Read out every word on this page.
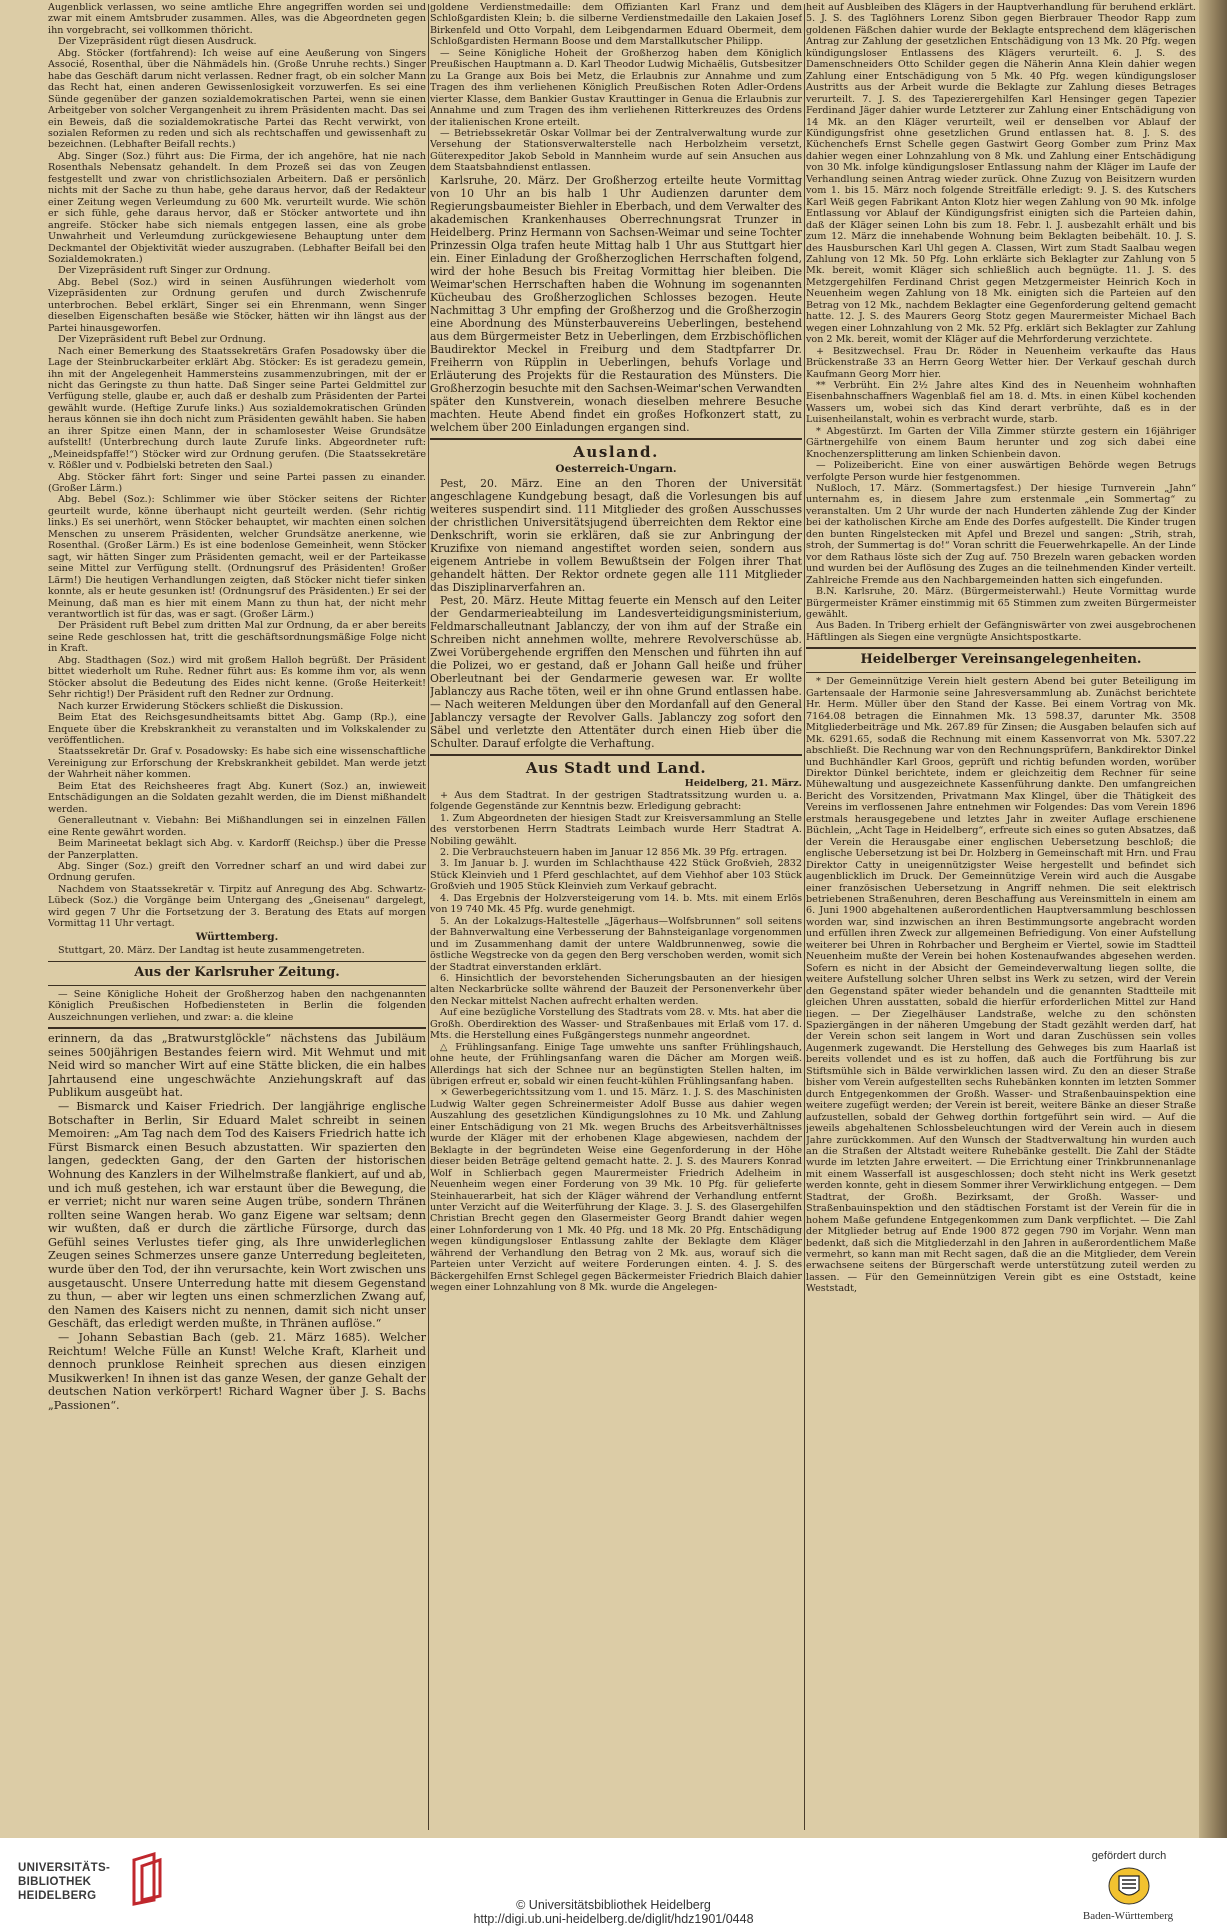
Augenblick verlassen, wo seine amtliche Ehre angegriffen worden sei und zwar mit einem Amtsbruder zusammen. Alles, was die Abgeordneten gegen ihn vorgebracht, sei vollkommen thöricht.

Der Vizepräsident rügt diesen Ausdruck.

Abg. Stöcker (fortfahrend): Ich weise auf eine Aeußerung von Singers Associé, Rosenthal, über die Nähmädels hin. (Große Unruhe rechts.) Singer habe das Geschäft darum nicht verlassen. Redner fragt, ob ein solcher Mann das Recht hat, einen anderen Gewissenlosigkeit vorzuwerfen. Es sei eine Sünde gegenüber der ganzen sozialdemokratischen Partei, wenn sie einen Arbeitgeber von solcher Vergangenheit zu ihrem Präsidenten macht. Das sei ein Beweis, daß die sozialdemokratische Partei das Recht verwirkt, von sozialen Reformen zu reden und sich als rechtschaffen und gewissenhaft zu bezeichnen. (Lebhafter Beifall rechts.)

Abg. Singer (Soz.) führt aus: Die Firma, der ich angehöre, hat nie nach Rosenthals Nebensatz gehandelt. In dem Prozeß sei das von Zeugen festgestellt und zwar von christlichsozialen Arbeitern. Daß er persönlich nichts mit der Sache zu thun habe, gehe daraus hervor, daß der Redakteur einer Zeitung wegen Verleumdung zu 600 Mk. verurteilt wurde. Wie schön er sich fühle, gehe daraus hervor, daß er Stöcker antwortete und ihn angreife. Stöcker habe sich niemals entgegen lassen, eine als grobe Unwahrheit und Verleumdung zurückgewiesene Behauptung unter dem Deckmantel der Objektivität wieder auszugraben. (Lebhafter Beifall bei den Sozialdemokraten.)

Der Vizepräsident ruft Singer zur Ordnung.

Abg. Bebel (Soz.) wird in seinen Ausführungen wiederholt vom Vizepräsidenten zur Ordnung gerufen und durch Zwischenrufe unterbrochen. Bebel erklärt, Singer sei ein Ehrenmann, wenn Singer dieselben Eigenschaften besäße wie Stöcker, hätten wir ihn längst aus der Partei hinausgeworfen.

Der Vizepräsident ruft Bebel zur Ordnung.

Nach einer Bemerkung des Staatssekretärs Grafen Posadowsky über die Lage der Steinbruckarbeiter erklärt Abg. Stöcker: Es ist geradezu gemein, ihn mit der Angelegenheit Hammersteins zusammenzubringen, mit der er nicht das Geringste zu thun hatte. Daß Singer seine Partei Geldmittel zur Verfügung stelle, glaube er, auch daß er deshalb zum Präsidenten der Partei gewählt wurde. (Heftige Zurufe links.) Aus sozialdemokratischen Gründen heraus können sie ihn doch nicht zum Präsidenten gewählt haben. Sie haben an ihrer Spitze einen Mann, der in schamlosester Weise Grundsätze aufstellt! (Unterbrechung durch laute Zurufe links. Abgeordneter ruft: „Meineidspfaffe!“) Stöcker wird zur Ordnung gerufen. (Die Staatssekretäre v. Rößler und v. Podbielski betreten den Saal.)

Abg. Stöcker fährt fort: Singer und seine Partei passen zu einander. (Großer Lärm.)

Abg. Bebel (Soz.): Schlimmer wie über Stöcker seitens der Richter geurteilt wurde, könne überhaupt nicht geurteilt werden. (Sehr richtig links.) Es sei unerhört, wenn Stöcker behauptet, wir machten einen solchen Menschen zu unserem Präsidenten, welcher Grundsätze anerkenne, wie Rosenthal. (Großer Lärm.) Es ist eine bodenlose Gemeinheit, wenn Stöcker sagt, wir hätten Singer zum Präsidenten gemacht, weil er der Parteikasse seine Mittel zur Verfügung stellt. (Ordnungsruf des Präsidenten! Großer Lärm!) Die heutigen Verhandlungen zeigten, daß Stöcker nicht tiefer sinken konnte, als er heute gesunken ist! (Ordnungsruf des Präsidenten.) Er sei der Meinung, daß man es hier mit einem Mann zu thun hat, der nicht mehr verantwortlich ist für das, was er sagt. (Großer Lärm.)

Der Präsident ruft Bebel zum dritten Mal zur Ordnung, da er aber bereits seine Rede geschlossen hat, tritt die geschäftsordnungsmäßige Folge nicht in Kraft.

Abg. Stadthagen (Soz.) wird mit großem Halloh begrüßt. Der Präsident bittet wiederholt um Ruhe. Redner führt aus: Es komme ihm vor, als wenn Stöcker absolut die Bedeutung des Eides nicht kenne. (Große Heiterkeit! Sehr richtig!) Der Präsident ruft den Redner zur Ordnung.

Nach kurzer Erwiderung Stöckers schließt die Diskussion.

Beim Etat des Reichsgesundheitsamts bittet Abg. Gamp (Rp.), eine Enquete über die Krebskrankheit zu veranstalten und im Volkskalender zu veröffentlichen.

Staatssekretär Dr. Graf v. Posadowsky: Es habe sich eine wissenschaftliche Vereinigung zur Erforschung der Krebskrankheit gebildet. Man werde jetzt der Wahrheit näher kommen.

Beim Etat des Reichsheeres fragt Abg. Kunert (Soz.) an, inwieweit Entschädigungen an die Soldaten gezahlt werden, die im Dienst mißhandelt werden.

Generalleutnant v. Viebahn: Bei Mißhandlungen sei in einzelnen Fällen eine Rente gewährt worden.

Beim Marineetat beklagt sich Abg. v. Kardorff (Reichsp.) über die Presse der Panzerplatten.

Abg. Singer (Soz.) greift den Vorredner scharf an und wird dabei zur Ordnung gerufen.

Nachdem von Staatssekretär v. Tirpitz auf Anregung des Abg. Schwartz-Lübeck (Soz.) die Vorgänge beim Untergang des „Gneisenau“ dargelegt, wird gegen 7 Uhr die Fortsetzung der 3. Beratung des Etats auf morgen Vormittag 11 Uhr vertagt.

Württemberg.

Stuttgart, 20. März. Der Landtag ist heute zusammengetreten.

Aus der Karlsruher Zeitung.

— Seine Königliche Hoheit der Großherzog haben den nachgenannten Königlich Preußischen Hofbediensteten in Berlin die folgenden Auszeichnungen verliehen, und zwar: a. die kleine

erinnern, da das „Bratwurstglöckle“ nächstens das Jubiläum seines 500jährigen Bestandes feiern wird. Mit Wehmut und mit Neid wird so mancher Wirt auf eine Stätte blicken, die ein halbes Jahrtausend eine ungeschwächte Anziehungskraft auf das Publikum ausgeübt hat.

— Bismarck und Kaiser Friedrich. Der langjährige englische Botschafter in Berlin, Sir Eduard Malet schreibt in seinen Memoiren: „Am Tag nach dem Tod des Kaisers Friedrich hatte ich Fürst Bismarck einen Besuch abzustatten. Wir spazierten den langen, gedeckten Gang, der den Garten der historischen Wohnung des Kanzlers in der Wilhelmstraße flankiert, auf und ab, und ich muß gestehen, ich war erstaunt über die Bewegung, die er verriet; nicht nur waren seine Augen trübe, sondern Thränen rollten seine Wangen herab. Wo ganz Eigene war seltsam; denn wir wußten, daß er durch die zärtliche Fürsorge, durch das Gefühl seines Verlustes tiefer ging, als Ihre unwiderleglichen Zeugen seines Schmerzes unsere ganze Unterredung begleiteten, wurde über den Tod, der ihn verursachte, kein Wort zwischen uns ausgetauscht. Unsere Unterredung hatte mit diesem Gegenstand zu thun, — aber wir legten uns einen schmerzlichen Zwang auf, den Namen des Kaisers nicht zu nennen, damit sich nicht unser Geschäft, das erledigt werden mußte, in Thränen auflöse.“

— Johann Sebastian Bach (geb. 21. März 1685). Welcher Reichtum! Welche Fülle an Kunst! Welche Kraft, Klarheit und dennoch prunklose Reinheit sprechen aus diesen einzigen Musikwerken! In ihnen ist das ganze Wesen, der ganze Gehalt der deutschen Nation verkörpert! Richard Wagner über J. S. Bachs „Passionen“.

goldene Verdienstmedaille: dem Offizianten Karl Franz und dem Schloßgardisten Klein; b. die silberne Verdienstmedaille den Lakaien Josef Birkenfeld und Otto Vorpahl, dem Leibgendarmen Eduard Obermeit, dem Schloßgardisten Hermann Boose und dem Marstallkutscher Philipp.

— Seine Königliche Hoheit der Großherzog haben dem Königlich Preußischen Hauptmann a. D. Karl Theodor Ludwig Michaëlis, Gutsbesitzer zu La Grange aux Bois bei Metz, die Erlaubnis zur Annahme und zum Tragen des ihm verliehenen Königlich Preußischen Roten Adler-Ordens vierter Klasse, dem Bankier Gustav Krauttinger in Genua die Erlaubnis zur Annahme und zum Tragen des ihm verliehenen Ritterkreuzes des Ordens der italienischen Krone erteilt.

— Betriebssekretär Oskar Vollmar bei der Zentralverwaltung wurde zur Versehung der Stationsverwalterstelle nach Herbolzheim versetzt, Güterexpeditor Jakob Sebold in Mannheim wurde auf sein Ansuchen aus dem Staatsbahndienst entlassen.

Karlsruhe, 20. März. Der Großherzog erteilte heute Vormittag von 10 Uhr an bis halb 1 Uhr Audienzen darunter dem Regierungsbaumeister Biehler in Eberbach, und dem Verwalter des akademischen Krankenhauses Oberrechnungsrat Trunzer in Heidelberg. Prinz Hermann von Sachsen-Weimar und seine Tochter Prinzessin Olga trafen heute Mittag halb 1 Uhr aus Stuttgart hier ein. Einer Einladung der Großherzoglichen Herrschaften folgend, wird der hohe Besuch bis Freitag Vormittag hier bleiben. Die Weimar'schen Herrschaften haben die Wohnung im sogenannten Kücheubau des Großherzoglichen Schlosses bezogen. Heute Nachmittag 3 Uhr empfing der Großherzog und die Großherzogin eine Abordnung des Münsterbauvereins Ueberlingen, bestehend aus dem Bürgermeister Betz in Ueberlingen, dem Erzbischöflichen Baudirektor Meckel in Freiburg und dem Stadtpfarrer Dr. Freiherrn von Rüpplin in Ueberlingen, behufs Vorlage und Erläuterung des Projekts für die Restauration des Münsters. Die Großherzogin besuchte mit den Sachsen-Weimar'schen Verwandten später den Kunstverein, wonach dieselben mehrere Besuche machten. Heute Abend findet ein großes Hofkonzert statt, zu welchem über 200 Einladungen ergangen sind.

Ausland.
Oesterreich-Ungarn.

Pest, 20. März. Eine an den Thoren der Universität angeschlagene Kundgebung besagt, daß die Vorlesungen bis auf weiteres suspendirt sind. 111 Mitglieder des großen Ausschusses der christlichen Universitätsjugend überreichten dem Rektor eine Denkschrift, worin sie erklären, daß sie zur Anbringung der Kruzifixe von niemand angestiftet worden seien, sondern aus eigenem Antriebe in vollem Bewußtsein der Folgen ihrer That gehandelt hätten. Der Rektor ordnete gegen alle 111 Mitglieder das Disziplinarverfahren an.

Pest, 20. März. Heute Mittag feuerte ein Mensch auf den Leiter der Gendarmerieabteilung im Landesverteidigungsministerium, Feldmarschalleutnant Jablanczy, der von ihm auf der Straße ein Schreiben nicht annehmen wollte, mehrere Revolverschüsse ab. Zwei Vorübergehende ergriffen den Menschen und führten ihn auf die Polizei, wo er gestand, daß er Johann Gall heiße und früher Oberleutnant bei der Gendarmerie gewesen war. Er wollte Jablanczy aus Rache töten, weil er ihn ohne Grund entlassen habe. — Nach weiteren Meldungen über den Mordanfall auf den General Jablanczy versagte der Revolver Galls. Jablanczy zog sofort den Säbel und verletzte den Attentäter durch einen Hieb über die Schulter. Darauf erfolgte die Verhaftung.

Aus Stadt und Land.
Heidelberg, 21. März.

+ Aus dem Stadtrat. In der gestrigen Stadtratssitzung wurden u. a. folgende Gegenstände zur Kenntnis bezw. Erledigung gebracht:

1. Zum Abgeordneten der hiesigen Stadt zur Kreisversammlung an Stelle des verstorbenen Herrn Stadtrats Leimbach wurde Herr Stadtrat A. Nobiling gewählt.

2. Die Verbrauchsteuern haben im Januar 12 856 Mk. 39 Pfg. ertragen.

3. Im Januar b. J. wurden im Schlachthause 422 Stück Großvieh, 2832 Stück Kleinvieh und 1 Pferd geschlachtet, auf dem Viehhof aber 103 Stück Großvieh und 1905 Stück Kleinvieh zum Verkauf gebracht.

4. Das Ergebnis der Holzversteigerung vom 14. b. Mts. mit einem Erlös von 19 740 Mk. 45 Pfg. wurde genehmigt.

5. An der Lokalzugs-Haltestelle „Jägerhaus—Wolfsbrunnen“ soll seitens der Bahnverwaltung eine Verbesserung der Bahnsteiganlage vorgenommen und im Zusammenhang damit der untere Waldbrunnenweg, sowie die östliche Wegstrecke von da gegen den Berg verschoben werden, womit sich der Stadtrat einverstanden erklärt.

6. Hinsichtlich der bevorstehenden Sicherungsbauten an der hiesigen alten Neckarbrücke sollte während der Bauzeit der Personenverkehr über den Neckar mittelst Nachen aufrecht erhalten werden.

Auf eine bezügliche Vorstellung des Stadtrats vom 28. v. Mts. hat aber die Großh. Oberdirektion des Wasser- und Straßenbaues mit Erlaß vom 17. d. Mts. die Herstellung eines Fußgängerstegs nunmehr angeordnet.

△ Frühlingsanfang. Einige Tage umwehte uns sanfter Frühlingshauch, ohne heute, der Frühlingsanfang waren die Dächer am Morgen weiß. Allerdings hat sich der Schnee nur an begünstigten Stellen halten, im übrigen erfreut er, sobald wir einen feucht-kühlen Frühlingsanfang haben.

× Gewerbegerichtssitzung vom 1. und 15. März. 1. J. S. des Maschinisten Ludwig Walter gegen Schreinermeister Adolf Busse aus dahier wegen Auszahlung des gesetzlichen Kündigungslohnes zu 10 Mk. und Zahlung einer Entschädigung von 21 Mk. wegen Bruchs des Arbeitsverhältnisses wurde der Kläger mit der erhobenen Klage abgewiesen, nachdem der Beklagte in der begründeten Weise eine Gegenforderung in der Höhe dieser beiden Beträge geltend gemacht hatte. 2. J. S. des Maurers Konrad Wolf in Schlierbach gegen Maurermeister Friedrich Adelheim in Neuenheim wegen einer Forderung von 39 Mk. 10 Pfg. für gelieferte Steinhauerarbeit, hat sich der Kläger während der Verhandlung entfernt unter Verzicht auf die Weiterführung der Klage. 3. J. S. des Glasergehilfen Christian Brecht gegen den Glasermeister Georg Brandt dahier wegen einer Lohnforderung von 1 Mk. 40 Pfg. und 18 Mk. 20 Pfg. Entschädigung wegen kündigungsloser Entlassung zahlte der Beklagte dem Kläger während der Verhandlung den Betrag von 2 Mk. aus, worauf sich die Parteien unter Verzicht auf weitere Forderungen einten. 4. J. S. des Bäckergehilfen Ernst Schlegel gegen Bäckermeister Friedrich Blaich dahier wegen einer Lohnzahlung von 8 Mk. wurde die Angelegen-

heit auf Ausbleiben des Klägers in der Hauptverhandlung für beruhend erklärt. 5. J. S. des Taglöhners Lorenz Sibon gegen Bierbrauer Theodor Rapp zum goldenen Fäßchen dahier wurde der Beklagte entsprechend dem klägerischen Antrag zur Zahlung der gesetzlichen Entschädigung von 13 Mk. 20 Pfg. wegen kündigungsloser Entlassens des Klägers verurteilt. 6. J. S. des Damenschneiders Otto Schilder gegen die Näherin Anna Klein dahier wegen Zahlung einer Entschädigung von 5 Mk. 40 Pfg. wegen kündigungsloser Austritts aus der Arbeit wurde die Beklagte zur Zahlung dieses Betrages verurteilt. 7. J. S. des Tapezierergehilfen Karl Hensinger gegen Tapezier Ferdinand Jäger dahier wurde Letzterer zur Zahlung einer Entschädigung von 14 Mk. an den Kläger verurteilt, weil er denselben vor Ablauf der Kündigungsfrist ohne gesetzlichen Grund entlassen hat. 8. J. S. des Küchenchefs Ernst Schelle gegen Gastwirt Georg Gomber zum Prinz Max dahier wegen einer Lohnzahlung von 8 Mk. und Zahlung einer Entschädigung von 30 Mk. infolge kündigungsloser Entlassung nahm der Kläger im Laufe der Verhandlung seinen Antrag wieder zurück. Ohne Zuzug von Beisitzern wurden vom 1. bis 15. März noch folgende Streitfälle erledigt: 9. J. S. des Kutschers Karl Weiß gegen Fabrikant Anton Klotz hier wegen Zahlung von 90 Mk. infolge Entlassung vor Ablauf der Kündigungsfrist einigten sich die Parteien dahin, daß der Kläger seinen Lohn bis zum 18. Febr. l. J. ausbezahlt erhält und bis zum 12. März die innehabende Wohnung beim Beklagten beibehält. 10. J. S. des Hausburschen Karl Uhl gegen A. Classen, Wirt zum Stadt Saalbau wegen Zahlung von 12 Mk. 50 Pfg. Lohn erklärte sich Beklagter zur Zahlung von 5 Mk. bereit, womit Kläger sich schließlich auch begnügte. 11. J. S. des Metzgergehilfen Ferdinand Christ gegen Metzgermeister Heinrich Koch in Neuenheim wegen Zahlung von 18 Mk. einigten sich die Parteien auf den Betrag von 12 Mk., nachdem Beklagter eine Gegenforderung geltend gemacht hatte. 12. J. S. des Maurers Georg Stotz gegen Maurermeister Michael Bach wegen einer Lohnzahlung von 2 Mk. 52 Pfg. erklärt sich Beklagter zur Zahlung von 2 Mk. bereit, womit der Kläger auf die Mehrforderung verzichtete.

+ Besitzwechsel. Frau Dr. Röder in Neuenheim verkaufte das Haus Brückenstraße 33 an Herrn Georg Wetter hier. Der Verkauf geschah durch Kaufmann Georg Morr hier.

** Verbrüht. Ein 2½ Jahre altes Kind des in Neuenheim wohnhaften Eisenbahnschaffners Wagenblaß fiel am 18. d. Mts. in einen Kübel kochenden Wassers um, wobei sich das Kind derart verbrühte, daß es in der Luisenheilanstalt, wohin es verbracht wurde, starb.

* Abgestürzt. Im Garten der Villa Zimmer stürzte gestern ein 16jähriger Gärtnergehilfe von einem Baum herunter und zog sich dabei eine Knochenzersplitterung am linken Schienbein davon.

— Polizeibericht. Eine von einer auswärtigen Behörde wegen Betrugs verfolgte Person wurde hier festgenommen.

Nußloch, 17. März. (Sommertagsfest.) Der hiesige Turnverein „Jahn“ unternahm es, in diesem Jahre zum erstenmale „ein Sommertag“ zu veranstalten. Um 2 Uhr wurde der nach Hunderten zählende Zug der Kinder bei der katholischen Kirche am Ende des Dorfes aufgestellt. Die Kinder trugen den bunten Ringelstecken mit Apfel und Brezel und sangen: „Strih, strah, stroh, der Summertag is do!“ Voran schritt die Feuerwehrkapelle. An der Linde vor dem Rathaus löste sich der Zug auf. 750 Brezeln waren gebacken worden und wurden bei der Auflösung des Zuges an die teilnehmenden Kinder verteilt. Zahlreiche Fremde aus den Nachbargemeinden hatten sich eingefunden.

B.N. Karlsruhe, 20. März. (Bürgermeisterwahl.) Heute Vormittag wurde Bürgermeister Krämer einstimmig mit 65 Stimmen zum zweiten Bürgermeister gewählt.

Aus Baden. In Triberg erhielt der Gefängniswärter von zwei ausgebrochenen Häftlingen als Siegen eine vergnügte Ansichtspostkarte.

Heidelberger Vereinsangelegenheiten.

* Der Gemeinnützige Verein hielt gestern Abend bei guter Beteiligung im Gartensaale der Harmonie seine Jahresversammlung ab. Zunächst berichtete Hr. Herm. Müller über den Stand der Kasse. Bei einem Vortrag von Mk. 7164.08 betragen die Einnahmen Mk. 13 598.37, darunter Mk. 3508 Mitgliederbeiträge und Mk. 267.89 für Zinsen; die Ausgaben belaufen sich auf Mk. 6291.65, sodaß die Rechnung mit einem Kassenvorrat von Mk. 5307.22 abschließt. Die Rechnung war von den Rechnungsprüfern, Bankdirektor Dinkel und Buchhändler Karl Groos, geprüft und richtig befunden worden, worüber Direktor Dünkel berichtete, indem er gleichzeitig dem Rechner für seine Mühewaltung und ausgezeichnete Kassenführung dankte. Den umfangreichen Bericht des Vorsitzenden, Privatmann Max Klingel, über die Thätigkeit des Vereins im verflossenen Jahre entnehmen wir Folgendes: Das vom Verein 1896 erstmals herausgegebene und letztes Jahr in zweiter Auflage erschienene Büchlein, „Acht Tage in Heidelberg“, erfreute sich eines so guten Absatzes, daß der Verein die Herausgabe einer englischen Uebersetzung beschloß; die englische Uebersetzung ist bei Dr. Holzberg in Gemeinschaft mit Hrn. und Frau Direktor Catty in uneigennützigster Weise hergestellt und befindet sich augenblicklich im Druck. Der Gemeinnützige Verein wird auch die Ausgabe einer französischen Uebersetzung in Angriff nehmen. Die seit elektrisch betriebenen Straßenuhren, deren Beschaffung aus Vereinsmitteln in einem am 6. Juni 1900 abgehaltenen außerordentlichen Hauptversammlung beschlossen worden war, sind inzwischen an ihren Bestimmungsorte angebracht worden und erfüllen ihren Zweck zur allgemeinen Befriedigung. Von einer Aufstellung weiterer bei Uhren in Rohrbacher und Bergheim er Viertel, sowie im Stadtteil Neuenheim mußte der Verein bei hohen Kostenaufwandes abgesehen werden. Sofern es nicht in der Absicht der Gemeindeverwaltung liegen sollte, die weitere Aufstellung solcher Uhren selbst ins Werk zu setzen, wird der Verein den Gegenstand später wieder behandeln und die genannten Stadtteile mit gleichen Uhren ausstatten, sobald die hierfür erforderlichen Mittel zur Hand liegen. — Der Ziegelhäuser Landstraße, welche zu den schönsten Spaziergängen in der näheren Umgebung der Stadt gezählt werden darf, hat der Verein schon seit langem in Wort und daran Zuschüssen sein volles Augenmerk zugewandt. Die Herstellung des Gehweges bis zum Haarlaß ist bereits vollendet und es ist zu hoffen, daß auch die Fortführung bis zur Stiftsmühle sich in Bälde verwirklichen lassen wird. Zu den an dieser Straße bisher vom Verein aufgestellten sechs Ruhebänken konnten im letzten Sommer durch Entgegenkommen der Großh. Wasser- und Straßenbauinspektion eine weitere zugefügt werden; der Verein ist bereit, weitere Bänke an dieser Straße aufzustellen, sobald der Gehweg dorthin fortgeführt sein wird. — Auf die jeweils abgehaltenen Schlossbeleuchtungen wird der Verein auch in diesem Jahre zurückkommen. Auf den Wunsch der Stadtverwaltung hin wurden auch an die Straßen der Altstadt weitere Ruhebänke gestellt. Die Zahl der Städte wurde im letzten Jahre erweitert. — Die Errichtung einer Trinkbrunnenanlage mit einem Wasserfall ist ausgeschlossen; doch steht nicht ins Werk gesetzt werden konnte, geht in diesem Sommer ihrer Verwirklichung entgegen. — Dem Stadtrat, der Großh. Bezirksamt, der Großh. Wasser- und Straßenbauinspektion und den städtischen Forstamt ist der Verein für die in hohem Maße gefundene Entgegenkommen zum Dank verpflichtet. — Die Zahl der Mitglieder betrug auf Ende 1900 872 gegen 790 im Vorjahr. Wenn man bedenkt, daß sich die Mitgliederzahl in den Jahren in außerordentlichem Maße vermehrt, so kann man mit Recht sagen, daß die an die Mitglieder, dem Verein erwachsene seitens der Bürgerschaft werde unterstützung zuteil werden zu lassen. — Für den Gemeinnützigen Verein gibt es eine Oststadt, keine Weststadt,

UNIVERSITÄTS-
BIBLIOTHEK
HEIDELBERG
© Universitätsbibliothek Heidelberg
http://digi.ub.uni-heidelberg.de/diglit/hdz1901/0448
gefördert durch
Baden-Württemberg
